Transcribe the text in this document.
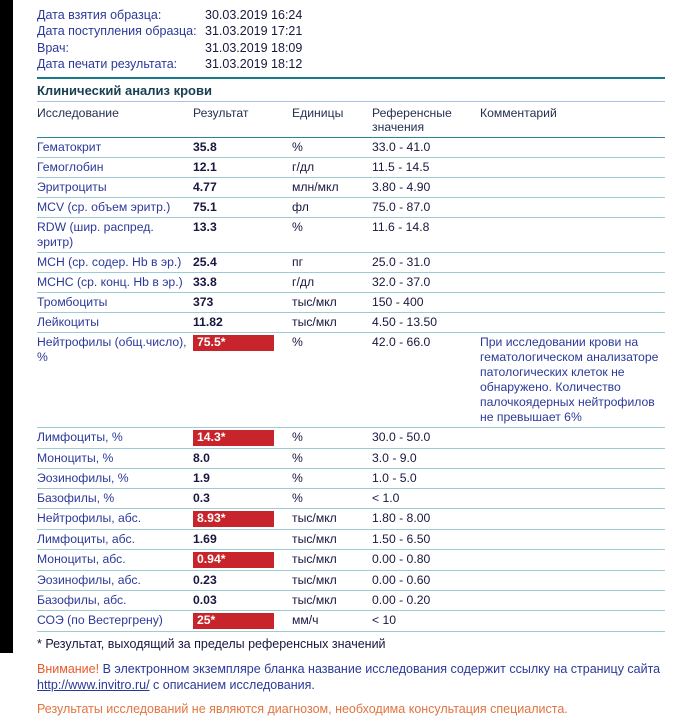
Дата взятия образца:	30.03.2019 16:24
Дата поступления образца: 31.03.2019 17:21
Врач:	31.03.2019 18:09
Дата печати результата:	31.03.2019 18:12
Клинический анализ крови
Исследование	Результат	Единицы	Референсные значения	Комментарий
Гематокрит	35.8	%	33.0 - 41.0	
Гемоглобин	12.1	г/дл	11.5 - 14.5	
Эритроциты	4.77	млн/мкл	3.80 - 4.90	
MCV (ср. объем эритр.)	75.1	фл	75.0 - 87.0	
RDW (шир. распред. эритр)	13.3	%	11.6 - 14.8	
MCH (ср. содер. Hb в эр.)	25.4	пг	25.0 - 31.0	
MCHC (ср. конц. Hb в эр.)	33.8	г/дл	32.0 - 37.0	
Тромбоциты	373	тыс/мкл	150 - 400	
Лейкоциты	11.82	тыс/мкл	4.50 - 13.50	
Нейтрофилы (общ.число), %	75.5*	%	42.0 - 66.0	При исследовании крови на гематологическом анализаторе патологических клеток не обнаружено. Количество палочкоядерных нейтрофилов не превышает 6%
Лимфоциты, %	14.3*	%	30.0 - 50.0	
Моноциты, %	8.0	%	3.0 - 9.0	
Эозинофилы, %	1.9	%	1.0 - 5.0	
Базофилы, %	0.3	%	< 1.0	
Нейтрофилы, абс.	8.93*	тыс/мкл	1.80 - 8.00	
Лимфоциты, абс.	1.69	тыс/мкл	1.50 - 6.50	
Моноциты, абс.	0.94*	тыс/мкл	0.00 - 0.80	
Эозинофилы, абс.	0.23	тыс/мкл	0.00 - 0.60	
Базофилы, абс.	0.03	тыс/мкл	0.00 - 0.20	
СОЭ (по Вестергрену)	25*	мм/ч	< 10	
* Результат, выходящий за пределы референсных значений
Внимание! В электронном экземпляре бланка название исследования содержит ссылку на страницу сайта http://www.invitro.ru/ с описанием исследования.
Результаты исследований не являются диагнозом, необходима консультация специалиста.
